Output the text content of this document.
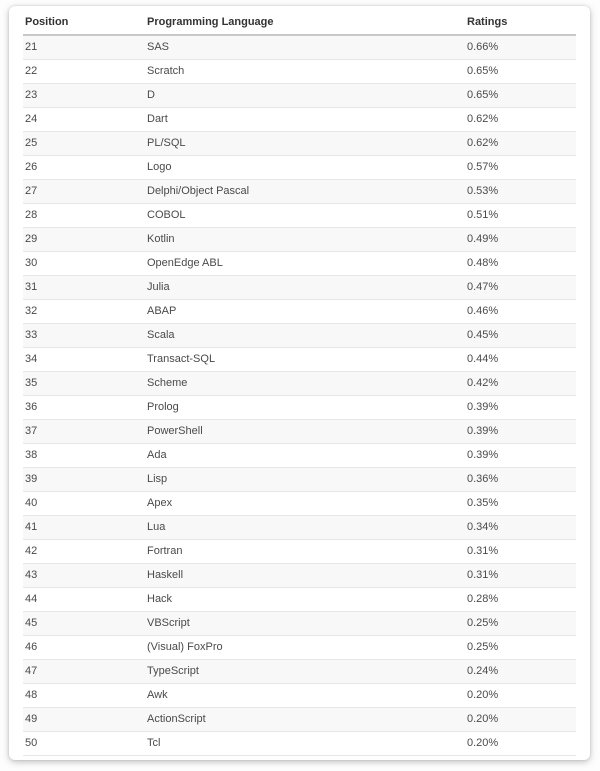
Position	Programming Language	Ratings
21	SAS	0.66%
22	Scratch	0.65%
23	D	0.65%
24	Dart	0.62%
25	PL/SQL	0.62%
26	Logo	0.57%
27	Delphi/Object Pascal	0.53%
28	COBOL	0.51%
29	Kotlin	0.49%
30	OpenEdge ABL	0.48%
31	Julia	0.47%
32	ABAP	0.46%
33	Scala	0.45%
34	Transact-SQL	0.44%
35	Scheme	0.42%
36	Prolog	0.39%
37	PowerShell	0.39%
38	Ada	0.39%
39	Lisp	0.36%
40	Apex	0.35%
41	Lua	0.34%
42	Fortran	0.31%
43	Haskell	0.31%
44	Hack	0.28%
45	VBScript	0.25%
46	(Visual) FoxPro	0.25%
47	TypeScript	0.24%
48	Awk	0.20%
49	ActionScript	0.20%
50	Tcl	0.20%
